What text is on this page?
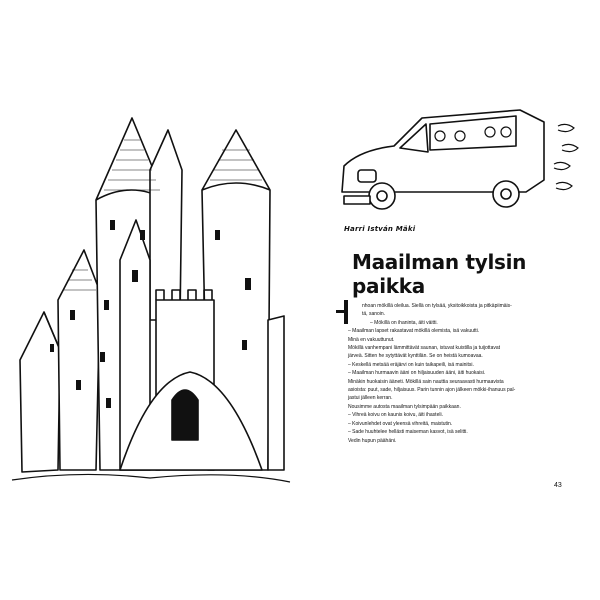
Harri István Mäki
Maailman tylsin paikka

nhoan mökillä oleilua. Siellä on tylsää, yksitoikkoista ja pitkäpiimäis-

tä, sanoin.

– Mökillä on ihaninta, äiti väitti.

– Maailman lapset rakastavat mökillä olemista, isä vakuutti.

Minä en vakuuttunut.

Mökillä vanhempani lämmittävät saunan, istuvat kuistilla ja tuijottavat

järveä. Sitten he sytyttävät kynttilän. Se on heistä kumoavaa.

– Keskellä metsää eräjärvi on kuin taikapeili, isä mainitsi.

– Maailman hurmaavin ääni on hiljaisuuden ääni, äiti huokaisi.

Minäkin huokaisin ääneti. Mökillä sain nauttia seuraavasti hurmaavista

asioista: puut, sade, hiljaisuus. Parin tunnin ajon jälkeen mökki-ihanuus pal-

jastui jälleen kerran.

Nousimme autosta maailman tylsimpään paikkaan.

– Vihreä koivu on kaunis koivu, äiti ihasteli.

– Koivunlehdet ovat yleensä vihreitä, maistutin.

– Sade huuhtelee hellästi maiseman kasvot, isä selitti.

Vedin hupun päähäni.

43
